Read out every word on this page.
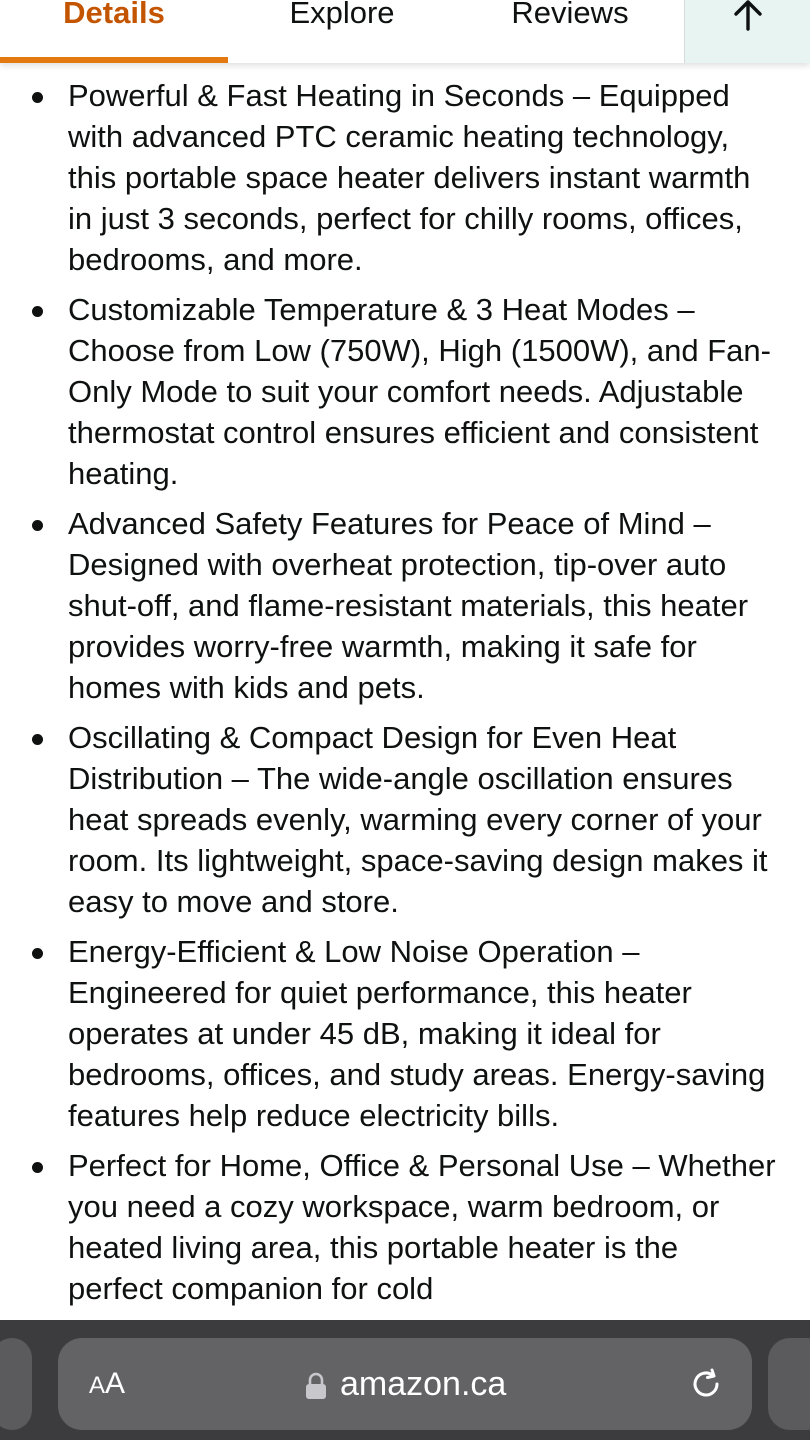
Details	Explore	Reviews
Powerful & Fast Heating in Seconds – Equipped with advanced PTC ceramic heating technology, this portable space heater delivers instant warmth in just 3 seconds, perfect for chilly rooms, offices, bedrooms, and more.
Customizable Temperature & 3 Heat Modes – Choose from Low (750W), High (1500W), and Fan-Only Mode to suit your comfort needs. Adjustable thermostat control ensures efficient and consistent heating.
Advanced Safety Features for Peace of Mind – Designed with overheat protection, tip-over auto shut-off, and flame-resistant materials, this heater provides worry-free warmth, making it safe for homes with kids and pets.
Oscillating & Compact Design for Even Heat Distribution – The wide-angle oscillation ensures heat spreads evenly, warming every corner of your room. Its lightweight, space-saving design makes it easy to move and store.
Energy-Efficient & Low Noise Operation – Engineered for quiet performance, this heater operates at under 45 dB, making it ideal for bedrooms, offices, and study areas. Energy-saving features help reduce electricity bills.
Perfect for Home, Office & Personal Use – Whether you need a cozy workspace, warm bedroom, or heated living area, this portable heater is the perfect companion for cold
AA	amazon.ca
